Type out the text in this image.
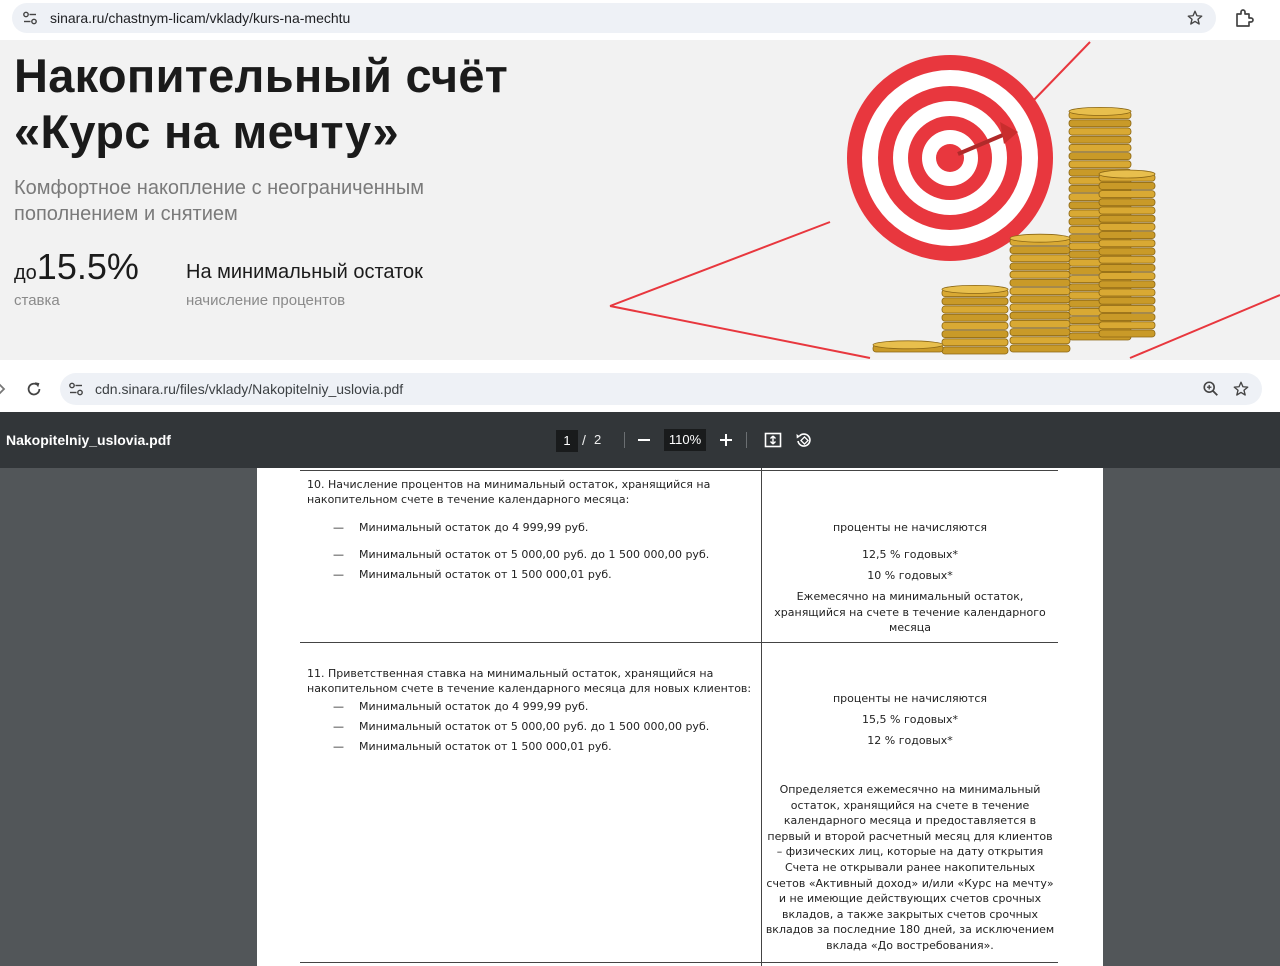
sinara.ru/chastnym-licam/vklady/kurs-na-mechtu
Накопительный счёт
«Курс на мечту»
Комфортное накопление с неограниченным
пополнением и снятием
до15.5%
ставка
На минимальный остаток
начисление процентов
cdn.sinara.ru/files/vklady/Nakopitelniy_uslovia.pdf
Nakopitelniy_uslovia.pdf	1 / 2	110%
10. Начисление процентов на минимальный остаток, хранящийся на
накопительном счете в течение календарного месяца:
— Минимальный остаток до 4 999,99 руб.
— Минимальный остаток от 5 000,00 руб. до 1 500 000,00 руб.
— Минимальный остаток от 1 500 000,01 руб.
проценты не начисляются
12,5 % годовых*
10 % годовых*
Ежемесячно на минимальный остаток,
хранящийся на счете в течение календарного
месяца
11. Приветственная ставка на минимальный остаток, хранящийся на
накопительном счете в течение календарного месяца для новых клиентов:
— Минимальный остаток до 4 999,99 руб.
— Минимальный остаток от 5 000,00 руб. до 1 500 000,00 руб.
— Минимальный остаток от 1 500 000,01 руб.
проценты не начисляются
15,5 % годовых*
12 % годовых*
Определяется ежемесячно на минимальный
остаток, хранящийся на счете в течение
календарного месяца и предоставляется в
первый и второй расчетный месяц для клиентов
– физических лиц, которые на дату открытия
Счета не открывали ранее накопительных
счетов «Активный доход» и/или «Курс на мечту»
и не имеющие действующих счетов срочных
вкладов, а также закрытых счетов срочных
вкладов за последние 180 дней, за исключением
вклада «До востребования».
